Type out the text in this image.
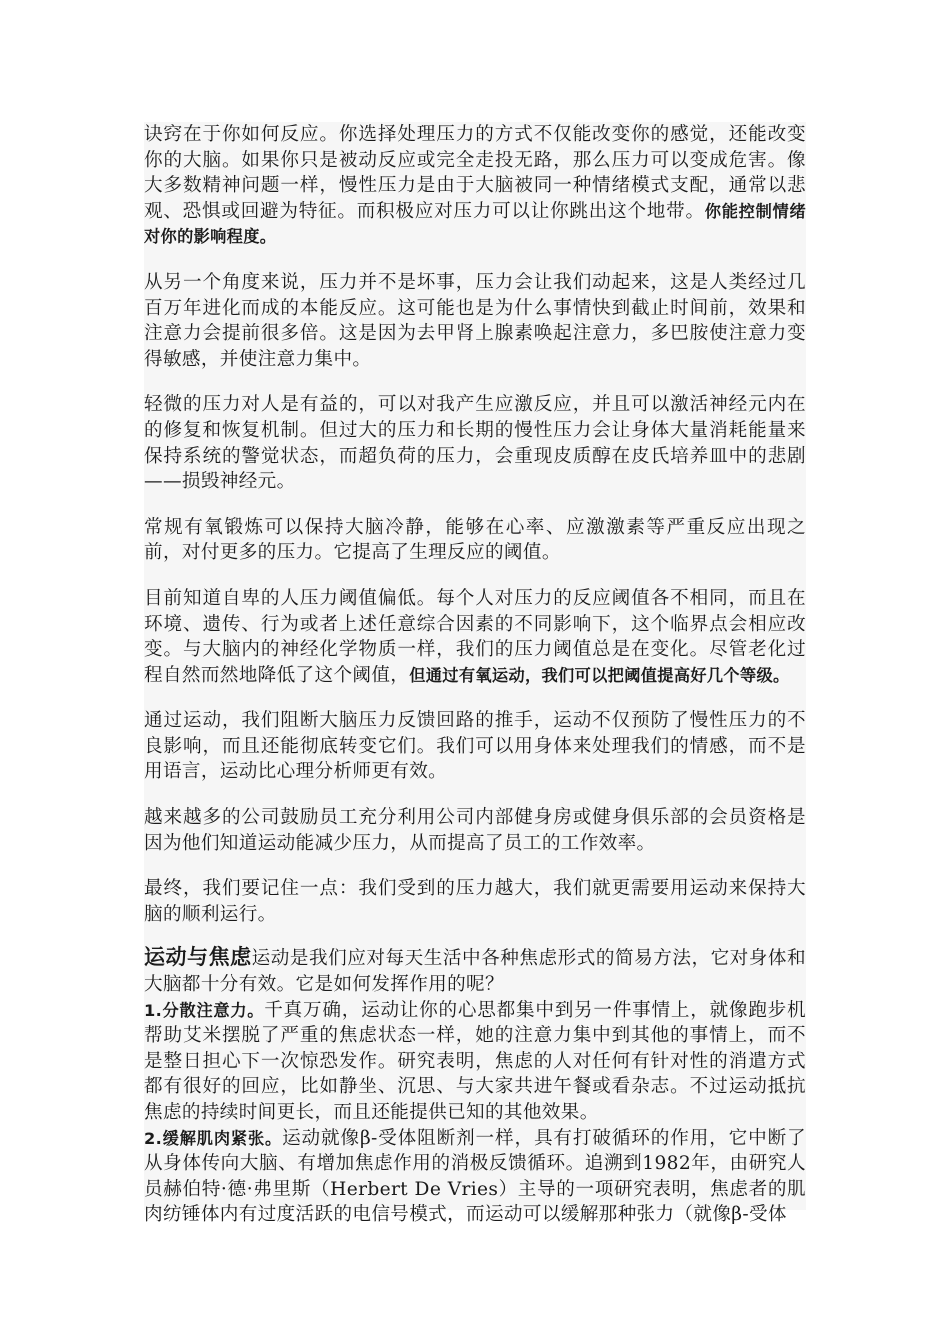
诀窍在于你如何反应。你选择处理压力的方式不仅能改变你的感觉，还能改变你的大脑。如果你只是被动反应或完全走投无路，那么压力可以变成危害。像大多数精神问题一样，慢性压力是由于大脑被同一种情绪模式支配，通常以悲观、恐惧或回避为特征。而积极应对压力可以让你跳出这个地带。你能控制情绪对你的影响程度。

从另一个角度来说，压力并不是坏事，压力会让我们动起来，这是人类经过几百万年进化而成的本能反应。这可能也是为什么事情快到截止时间前，效果和注意力会提前很多倍。这是因为去甲肾上腺素唤起注意力，多巴胺使注意力变得敏感，并使注意力集中。

轻微的压力对人是有益的，可以对我产生应激反应，并且可以激活神经元内在的修复和恢复机制。但过大的压力和长期的慢性压力会让身体大量消耗能量来保持系统的警觉状态，而超负荷的压力，会重现皮质醇在皮氏培养皿中的悲剧——损毁神经元。

常规有氧锻炼可以保持大脑冷静，能够在心率、应激激素等严重反应出现之前，对付更多的压力。它提高了生理反应的阈值。

目前知道自卑的人压力阈值偏低。每个人对压力的反应阈值各不相同，而且在环境、遗传、行为或者上述任意综合因素的不同影响下，这个临界点会相应改变。与大脑内的神经化学物质一样，我们的压力阈值总是在变化。尽管老化过程自然而然地降低了这个阈值，但通过有氧运动，我们可以把阈值提高好几个等级。

通过运动，我们阻断大脑压力反馈回路的推手，运动不仅预防了慢性压力的不良影响，而且还能彻底转变它们。我们可以用身体来处理我们的情感，而不是用语言，运动比心理分析师更有效。

越来越多的公司鼓励员工充分利用公司内部健身房或健身俱乐部的会员资格是因为他们知道运动能减少压力，从而提高了员工的工作效率。

最终，我们要记住一点：我们受到的压力越大，我们就更需要用运动来保持大脑的顺利运行。

运动与焦虑运动是我们应对每天生活中各种焦虑形式的简易方法，它对身体和大脑都十分有效。它是如何发挥作用的呢？

1.分散注意力。千真万确，运动让你的心思都集中到另一件事情上，就像跑步机帮助艾米摆脱了严重的焦虑状态一样，她的注意力集中到其他的事情上，而不是整日担心下一次惊恐发作。研究表明，焦虑的人对任何有针对性的消遣方式都有很好的回应，比如静坐、沉思、与大家共进午餐或看杂志。不过运动抵抗焦虑的持续时间更长，而且还能提供已知的其他效果。

2.缓解肌肉紧张。运动就像β-受体阻断剂一样，具有打破循环的作用，它中断了从身体传向大脑、有增加焦虑作用的消极反馈循环。追溯到1982年，由研究人员赫伯特·德·弗里斯（Herbert De Vries）主导的一项研究表明，焦虑者的肌肉纺锤体内有过度活跃的电信号模式，而运动可以缓解那种张力（就像β-受体
